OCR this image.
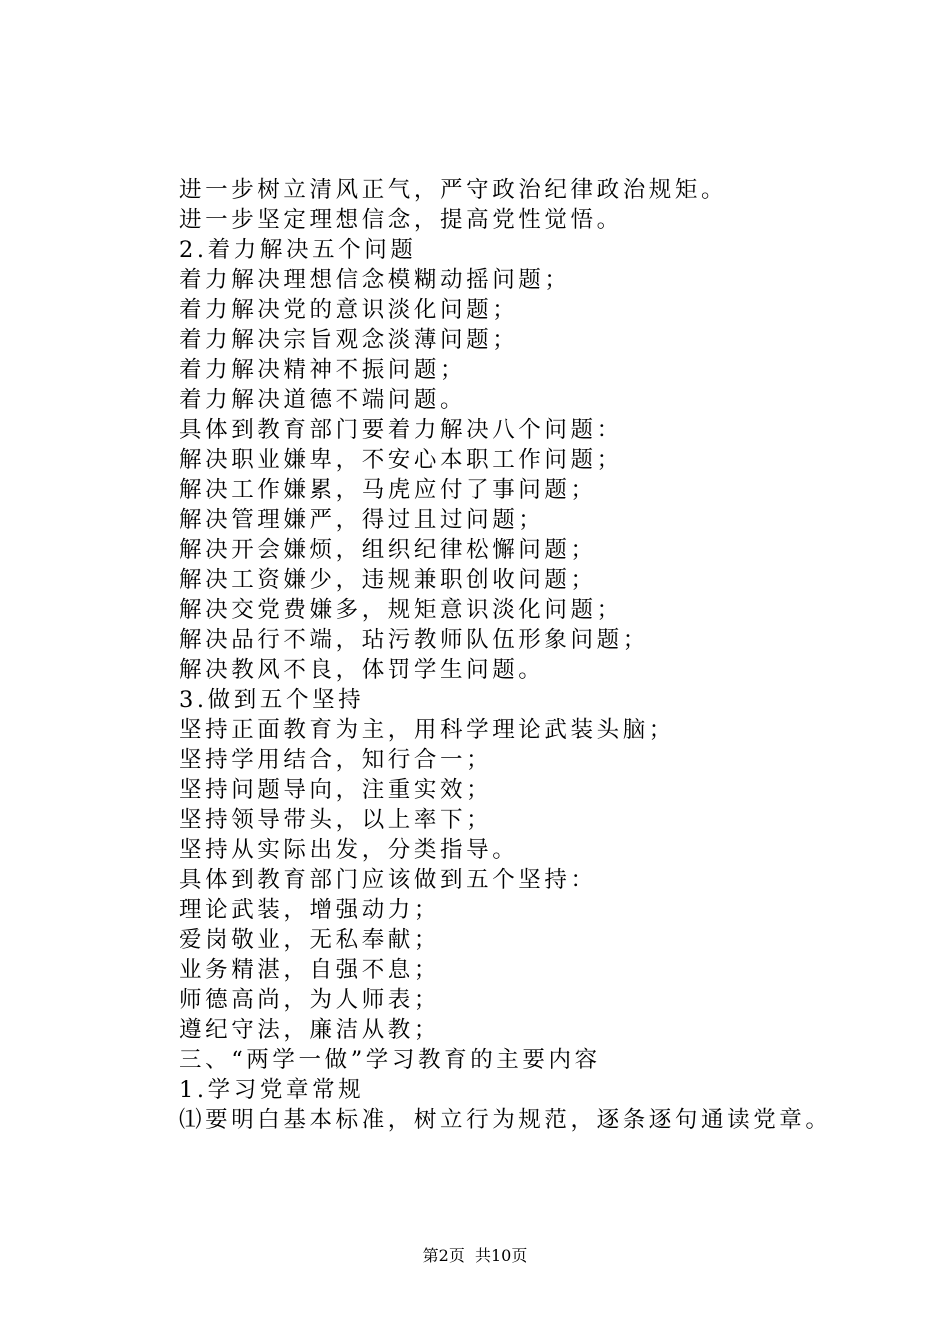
进一步树立清风正气，严守政治纪律政治规矩。
进一步坚定理想信念，提高党性觉悟。
2.着力解决五个问题
着力解决理想信念模糊动摇问题；
着力解决党的意识淡化问题；
着力解决宗旨观念淡薄问题；
着力解决精神不振问题；
着力解决道德不端问题。
具体到教育部门要着力解决八个问题：
解决职业嫌卑，不安心本职工作问题；
解决工作嫌累，马虎应付了事问题；
解决管理嫌严，得过且过问题；
解决开会嫌烦，组织纪律松懈问题；
解决工资嫌少，违规兼职创收问题；
解决交党费嫌多，规矩意识淡化问题；
解决品行不端，玷污教师队伍形象问题；
解决教风不良，体罚学生问题。
3.做到五个坚持
坚持正面教育为主，用科学理论武装头脑；
坚持学用结合，知行合一；
坚持问题导向，注重实效；
坚持领导带头，以上率下；
坚持从实际出发，分类指导。
具体到教育部门应该做到五个坚持：
理论武装，增强动力；
爱岗敬业，无私奉献；
业务精湛，自强不息；
师德高尚，为人师表；
遵纪守法，廉洁从教；
三、“两学一做”学习教育的主要内容
1.学习党章常规
⑴要明白基本标准，树立行为规范，逐条逐句通读党章。
第2页  共10页
